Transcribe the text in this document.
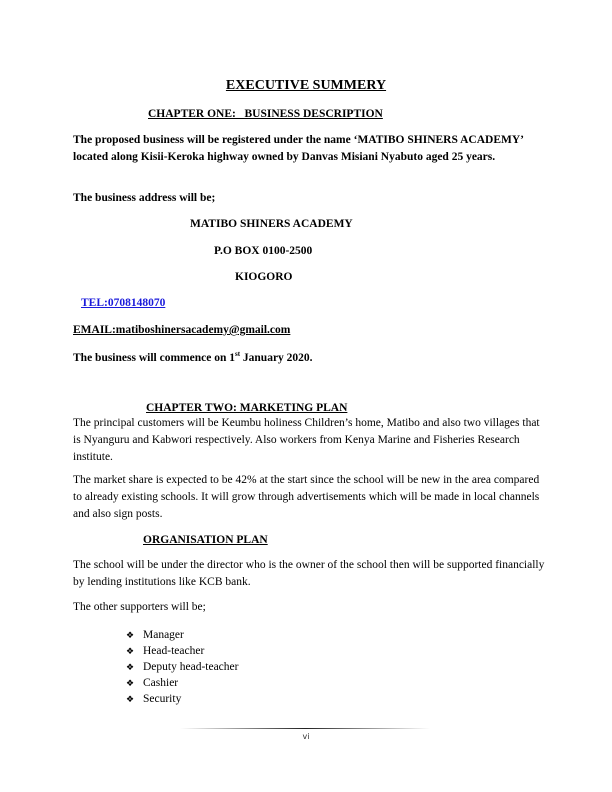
EXECUTIVE SUMMERY
CHAPTER ONE:   BUSINESS DESCRIPTION
The proposed business will be registered under the name ‘MATIBO SHINERS ACADEMY’ located along Kisii-Keroka highway owned by Danvas Misiani Nyabuto aged 25 years.
The business address will be;
MATIBO SHINERS ACADEMY
P.O BOX 0100-2500
KIOGORO
TEL:0708148070
EMAIL:matiboshinersacademy@gmail.com
The business will commence on 1st January 2020.
CHAPTER TWO: MARKETING PLAN
The principal customers will be Keumbu holiness Children’s home, Matibo and also two villages that is Nyanguru and Kabwori respectively. Also workers from Kenya Marine and Fisheries Research institute.
The market share is expected to be 42% at the start since the school will be new in the area compared to already existing schools. It will grow through advertisements which will be made in local channels and also sign posts.
ORGANISATION PLAN
The school will be under the director who is the owner of the school then will be supported financially by lending institutions like KCB bank.
The other supporters will be;
❖ Manager
❖ Head-teacher
❖ Deputy head-teacher
❖ Cashier
❖ Security
vi
